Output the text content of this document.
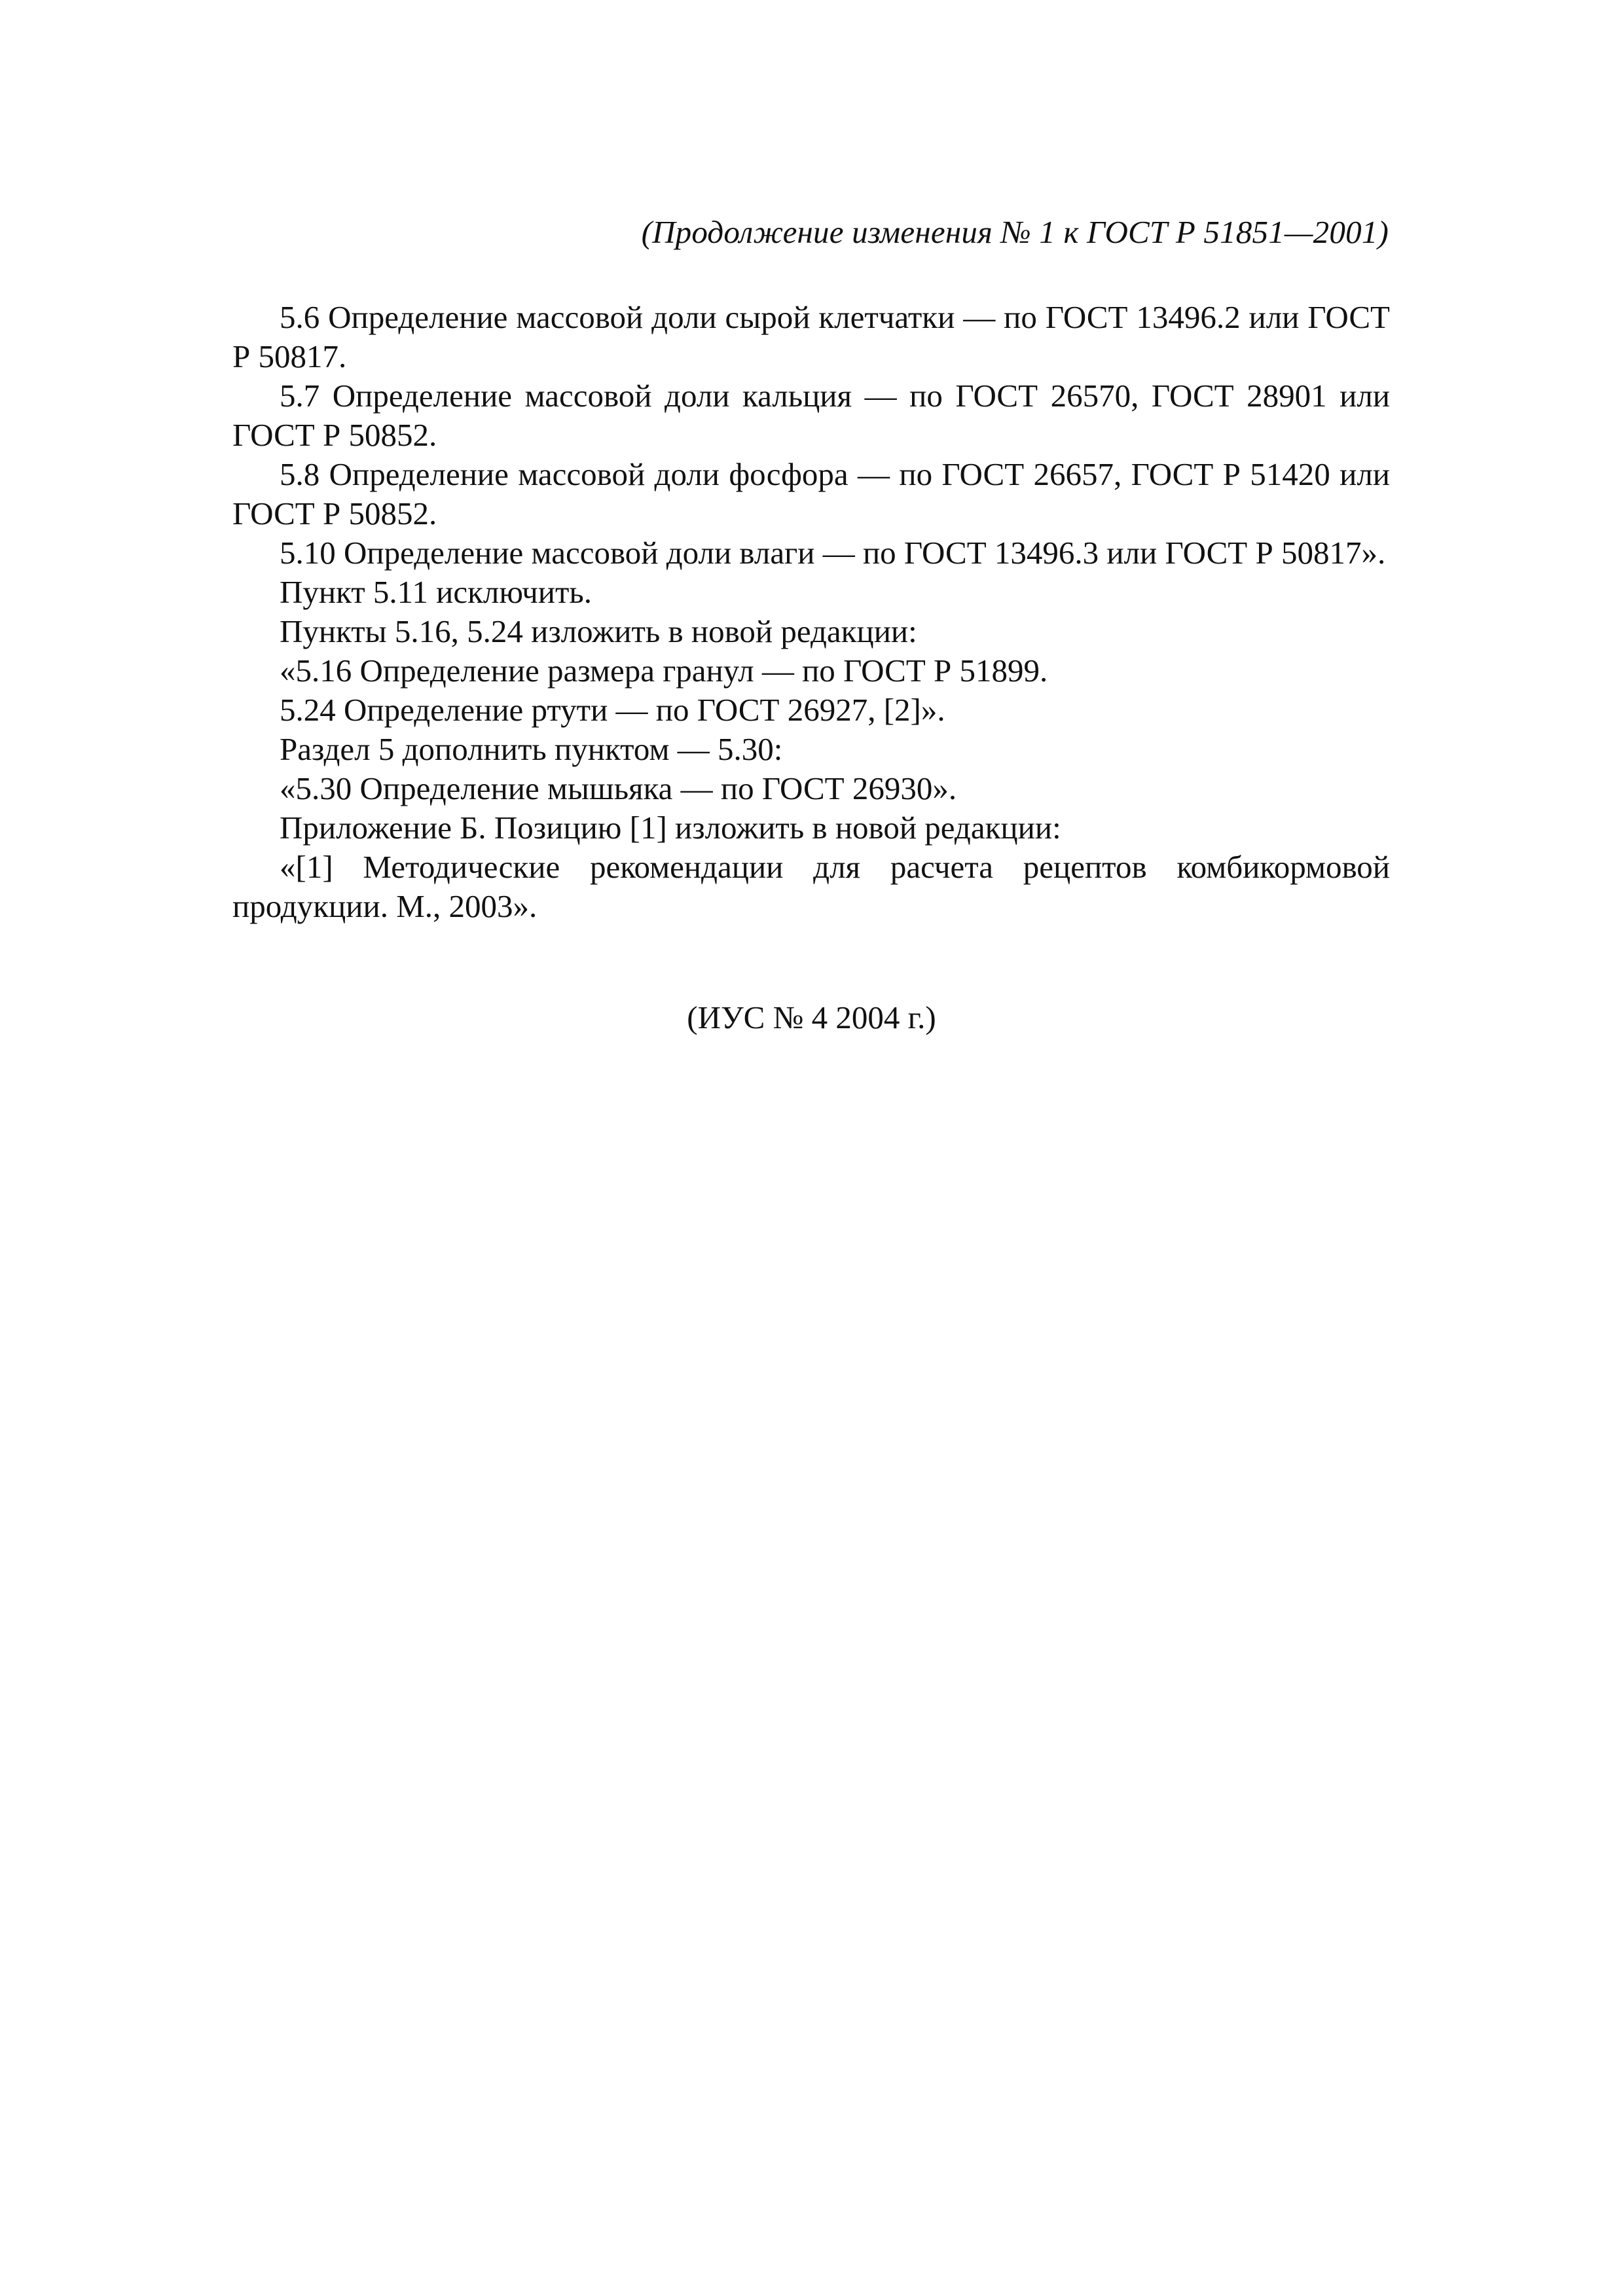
(Продолжение изменения № 1 к ГОСТ Р 51851—2001)

5.6 Определение массовой доли сырой клетчатки — по ГОСТ 13496.2 или ГОСТ Р 50817.

5.7 Определение массовой доли кальция — по ГОСТ 26570, ГОСТ 28901 или ГОСТ Р 50852.

5.8 Определение массовой доли фосфора — по ГОСТ 26657, ГОСТ Р 51420 или ГОСТ Р 50852.

5.10 Определение массовой доли влаги — по ГОСТ 13496.3 или ГОСТ Р 50817».

Пункт 5.11 исключить.

Пункты 5.16, 5.24 изложить в новой редакции:

«5.16 Определение размера гранул — по ГОСТ Р 51899.

5.24 Определение ртути — по ГОСТ 26927, [2]».

Раздел 5 дополнить пунктом — 5.30:

«5.30 Определение мышьяка — по ГОСТ 26930».

Приложение Б. Позицию [1] изложить в новой редакции:

«[1] Методические рекомендации для расчета рецептов комбикормовой продукции. М., 2003».

(ИУС № 4 2004 г.)
